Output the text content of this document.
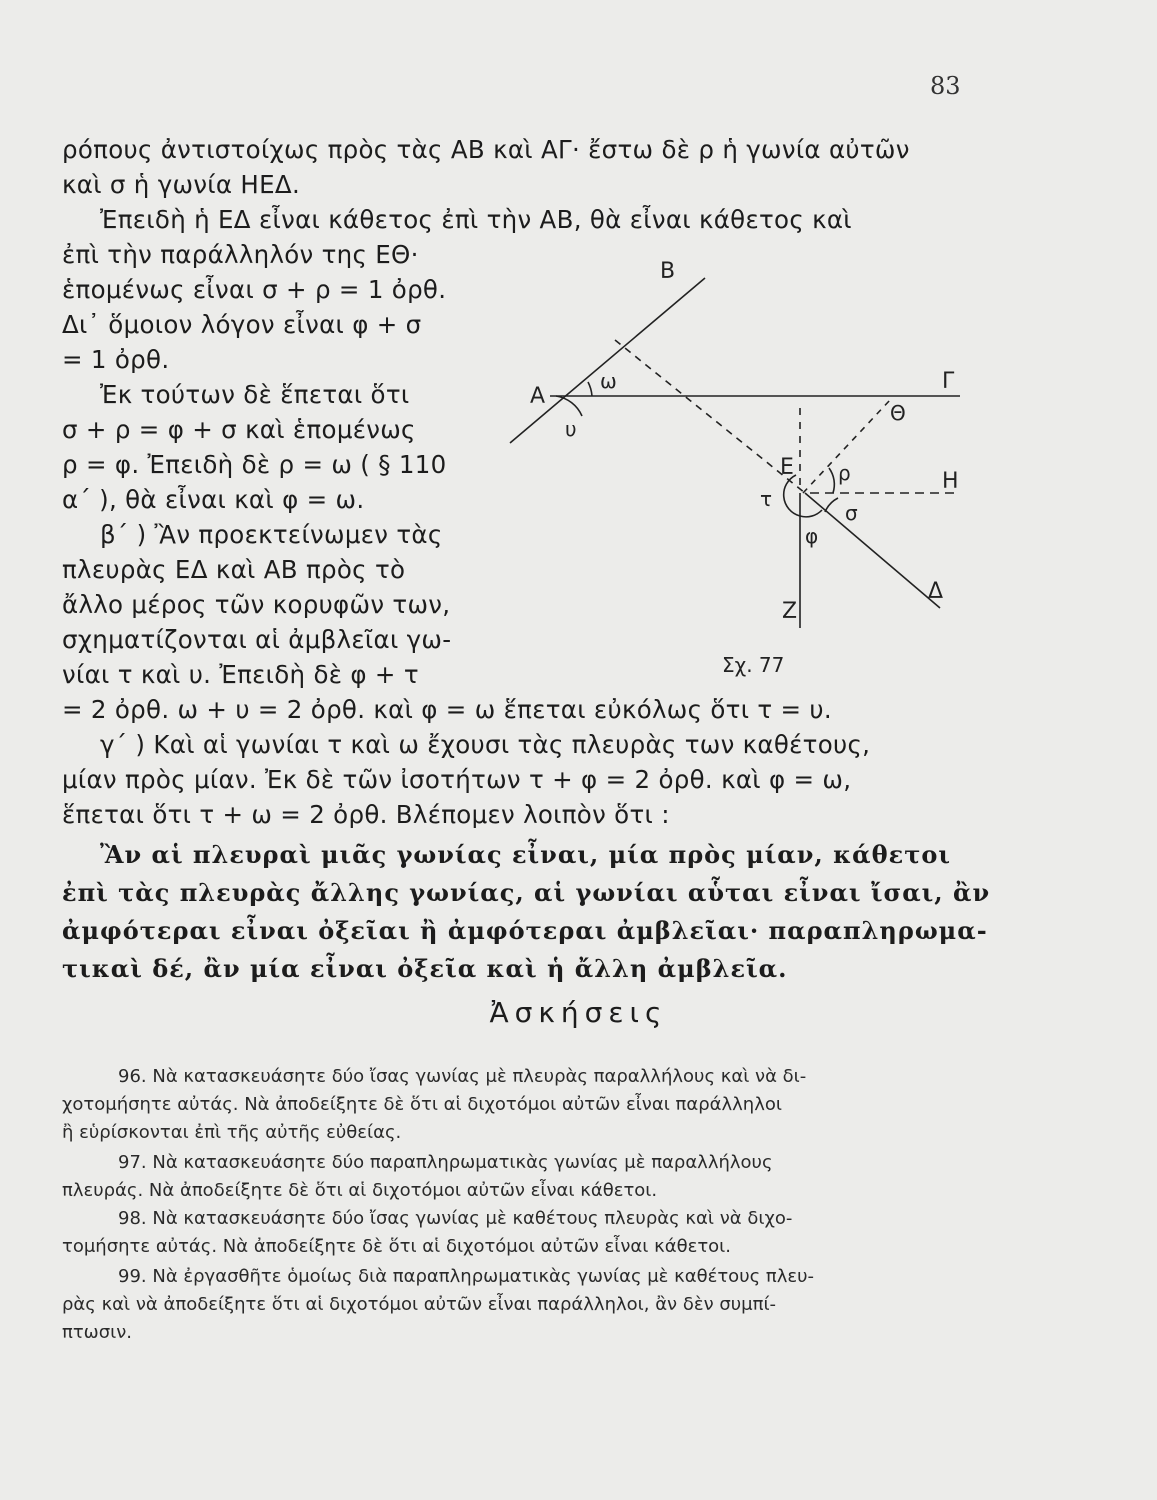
83
ρόπους ἀντιστοίχως πρὸς τὰς ΑΒ καὶ ΑΓ· ἔστω δὲ ρ ἡ γωνία αὐτῶν
καὶ σ ἡ γωνία ΗΕΔ.
Ἐπειδὴ ἡ ΕΔ εἶναι κάθετος ἐπὶ τὴν ΑΒ, θὰ εἶναι κάθετος καὶ
ἐπὶ τὴν παράλληλόν της ΕΘ·
ἑπομένως εἶναι σ + ρ = 1 ὀρθ.
Δι᾽ ὅμοιον λόγον εἶναι φ + σ
= 1 ὀρθ.
Ἐκ τούτων δὲ ἕπεται ὅτι
σ + ρ = φ + σ καὶ ἑπομένως
ρ = φ. Ἐπειδὴ δὲ ρ = ω ( § 110
α´ ), θὰ εἶναι καὶ φ = ω.
β´ ) Ἂν προεκτείνωμεν τὰς
πλευρὰς ΕΔ καὶ ΑΒ πρὸς τὸ
ἄλλο μέρος τῶν κορυφῶν των,
σχηματίζονται αἱ ἀμβλεῖαι γω-
νίαι τ καὶ υ. Ἐπειδὴ δὲ φ + τ
= 2 ὀρθ. ω + υ = 2 ὀρθ. καὶ φ = ω ἕπεται εὐκόλως ὅτι τ = υ.
γ´ ) Καὶ αἱ γωνίαι τ καὶ ω ἔχουσι τὰς πλευρὰς των καθέτους,
μίαν πρὸς μίαν. Ἐκ δὲ τῶν ἰσοτήτων τ + φ = 2 ὀρθ. καὶ φ = ω,
ἕπεται ὅτι τ + ω = 2 ὀρθ. Βλέπομεν λοιπὸν ὅτι :
Ἂν αἱ πλευραὶ μιᾶς γωνίας εἶναι, μία πρὸς μίαν, κάθετοι
ἐπὶ τὰς πλευρὰς ἄλλης γωνίας, αἱ γωνίαι αὗται εἶναι ἴσαι, ἂν
ἀμφότεραι εἶναι ὀξεῖαι ἢ ἀμφότεραι ἀμβλεῖαι· παραπληρωμα-
τικαὶ δέ, ἂν μία εἶναι ὀξεῖα καὶ ἡ ἄλλη ἀμβλεῖα.
Ἀσκήσεις
96. Νὰ κατασκευάσητε δύο ἴσας γωνίας μὲ πλευρὰς παραλλήλους καὶ νὰ δι-
χοτομήσητε αὐτάς. Νὰ ἀποδείξητε δὲ ὅτι αἱ διχοτόμοι αὐτῶν εἶναι παράλληλοι
ἢ εὑρίσκονται ἐπὶ τῆς αὐτῆς εὐθείας.
97. Νὰ κατασκευάσητε δύο παραπληρωματικὰς γωνίας μὲ παραλλήλους
πλευράς. Νὰ ἀποδείξητε δὲ ὅτι αἱ διχοτόμοι αὐτῶν εἶναι κάθετοι.
98. Νὰ κατασκευάσητε δύο ἴσας γωνίας μὲ καθέτους πλευρὰς καὶ νὰ διχο-
τομήσητε αὐτάς. Νὰ ἀποδείξητε δὲ ὅτι αἱ διχοτόμοι αὐτῶν εἶναι κάθετοι.
99. Νὰ ἐργασθῆτε ὁμοίως διὰ παραπληρωματικὰς γωνίας μὲ καθέτους πλευ-
ρὰς καὶ νὰ ἀποδείξητε ὅτι αἱ διχοτόμοι αὐτῶν εἶναι παράλληλοι, ἂν δὲν συμπί-
πτωσιν.
Β
Α
Γ
Θ
Ε
Η
Ζ
Δ
ω
υ
ρ
σ
φ
τ
Σχ. 77
